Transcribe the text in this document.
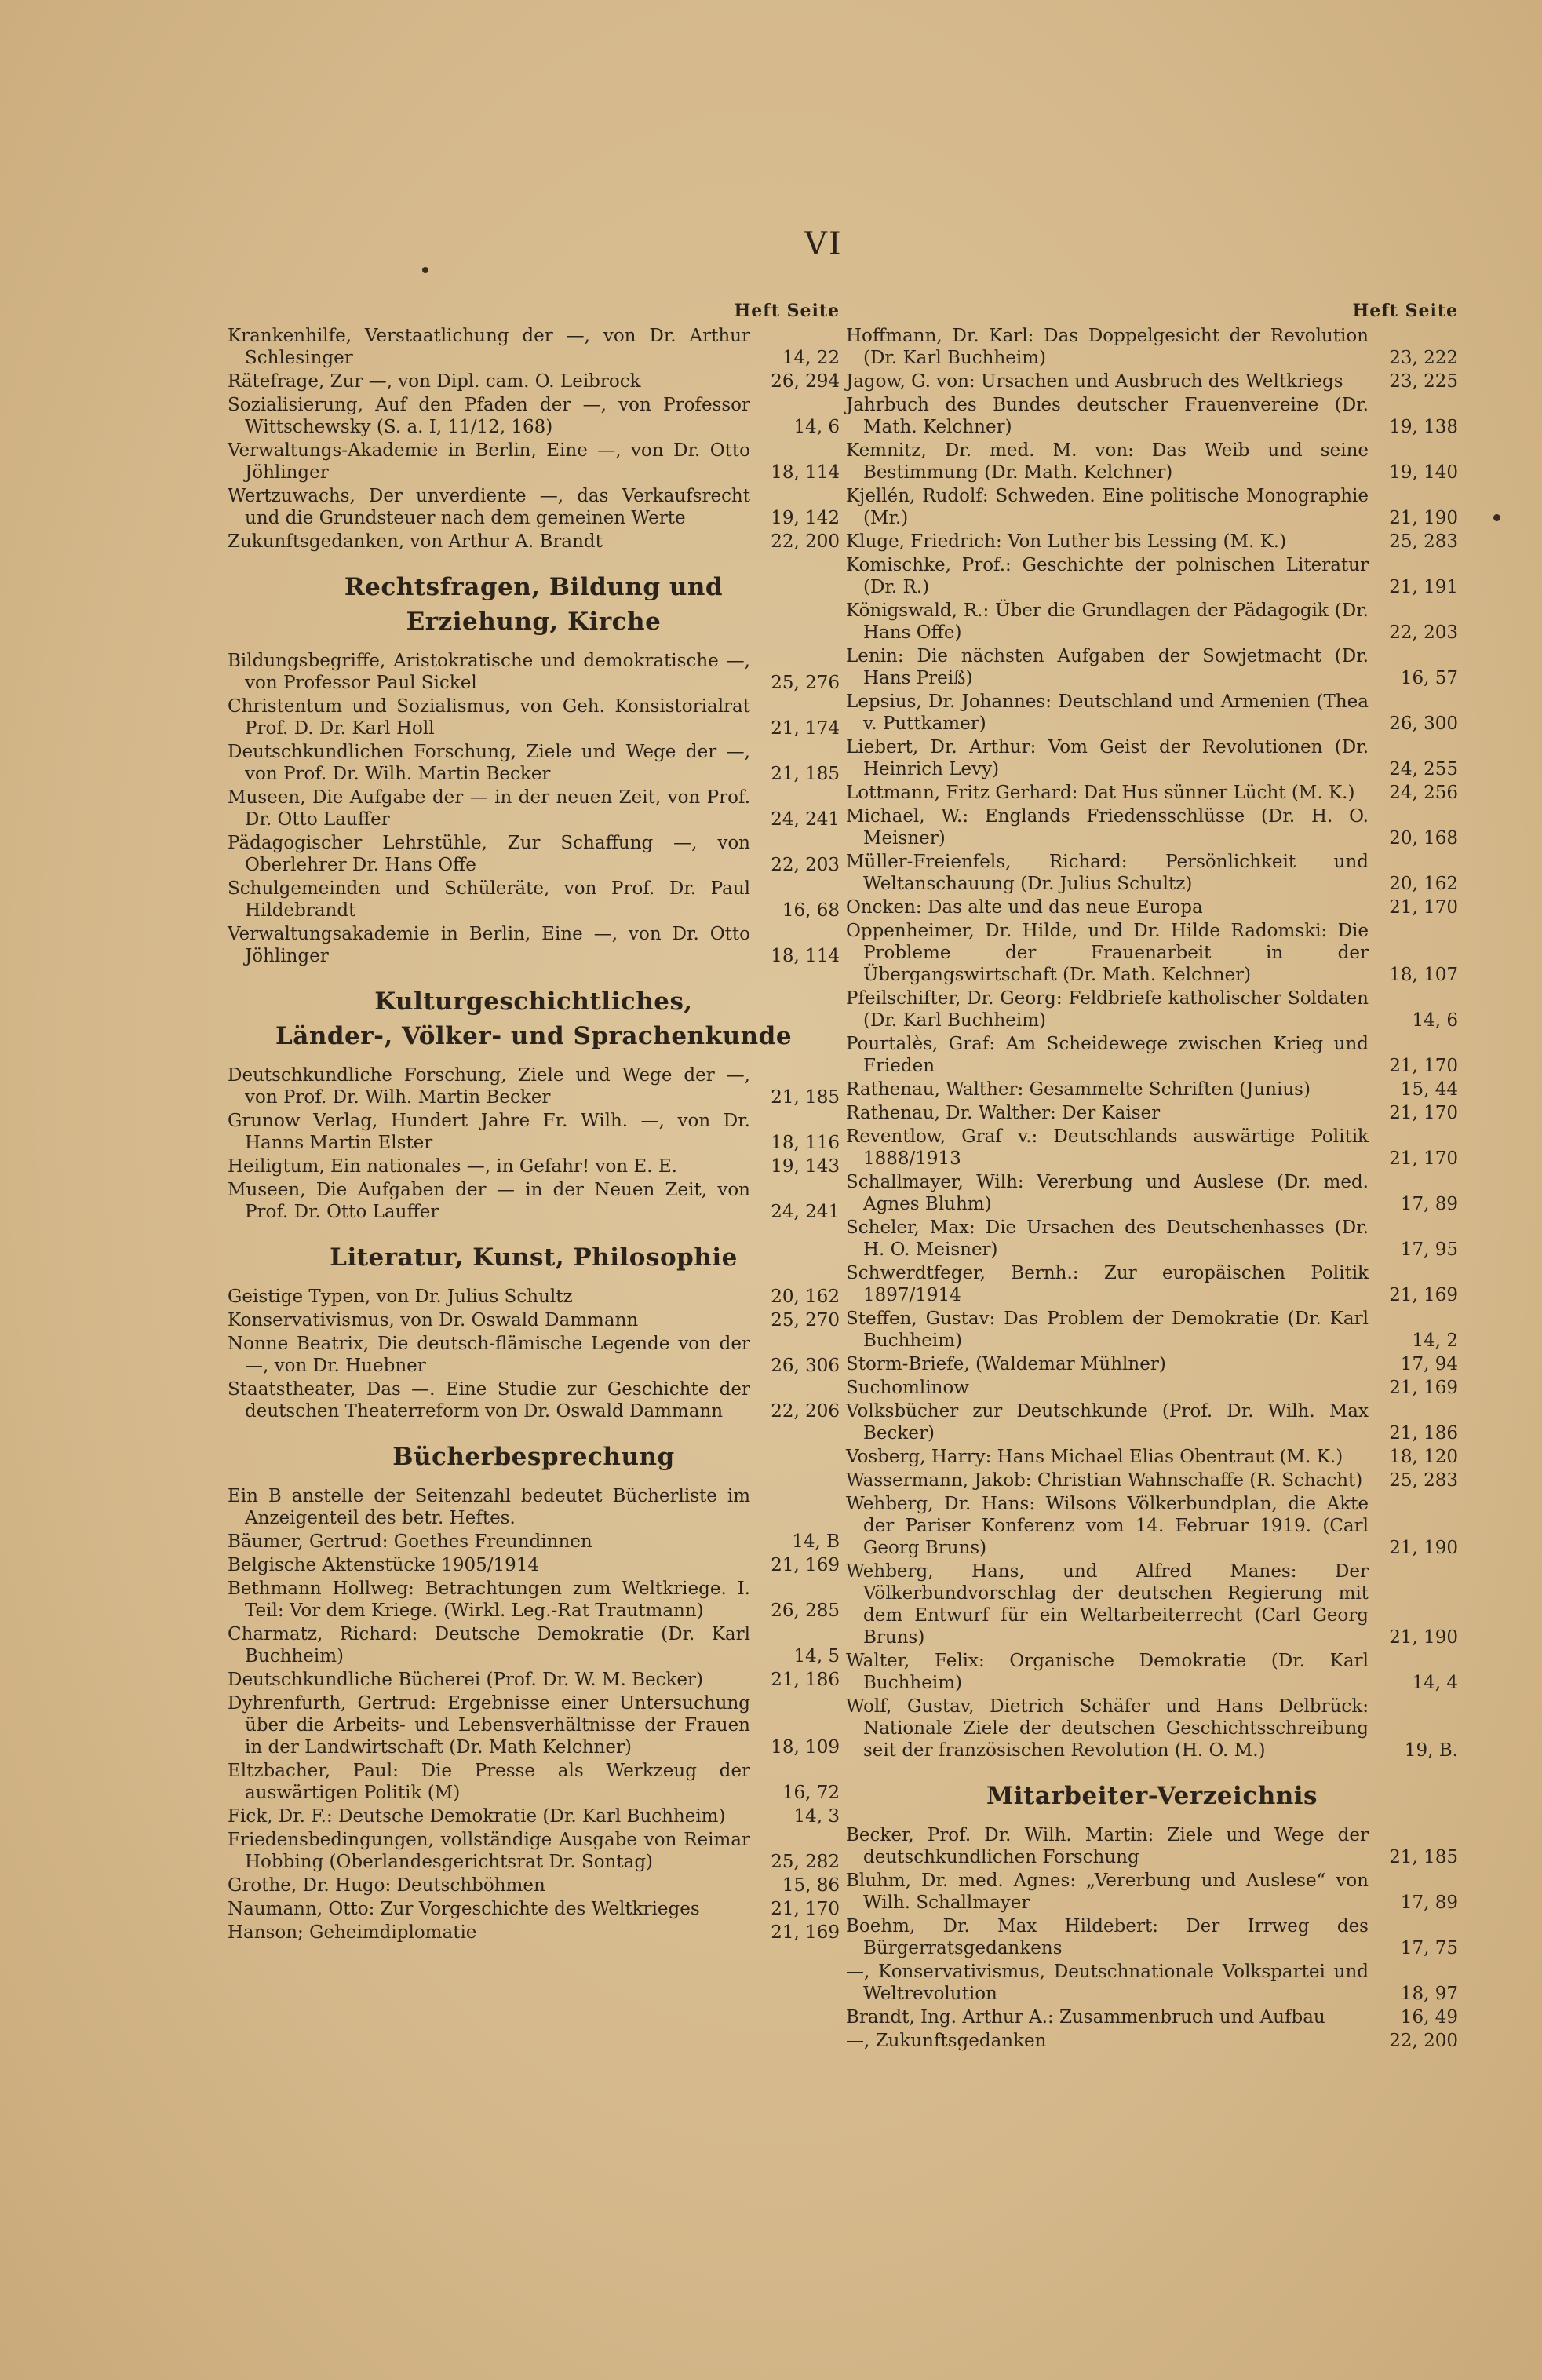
VI
Heft Seite
Krankenhilfe, Verstaatlichung der —, von Dr. Arthur Schlesinger	14, 22
Rätefrage, Zur —, von Dipl. cam. O. Leibrock	26, 294
Sozialisierung, Auf den Pfaden der —, von Professor Wittschewsky (S. a. I, 11/12, 168)	14, 6
Verwaltungs-Akademie in Berlin, Eine —, von Dr. Otto Jöhlinger	18, 114
Wertzuwachs, Der unverdiente —, das Verkaufsrecht und die Grundsteuer nach dem gemeinen Werte	19, 142
Zukunftsgedanken, von Arthur A. Brandt	22, 200
Rechtsfragen, Bildung und
Erziehung, Kirche
Bildungsbegriffe, Aristokratische und demokratische —, von Professor Paul Sickel	25, 276
Christentum und Sozialismus, von Geh. Konsistorialrat Prof. D. Dr. Karl Holl	21, 174
Deutschkundlichen Forschung, Ziele und Wege der —, von Prof. Dr. Wilh. Martin Becker	21, 185
Museen, Die Aufgabe der — in der neuen Zeit, von Prof. Dr. Otto Lauffer	24, 241
Pädagogischer Lehrstühle, Zur Schaffung —, von Oberlehrer Dr. Hans Offe	22, 203
Schulgemeinden und Schüleräte, von Prof. Dr. Paul Hildebrandt	16, 68
Verwaltungsakademie in Berlin, Eine —, von Dr. Otto Jöhlinger	18, 114
Kulturgeschichtliches,
Länder-, Völker- und Sprachenkunde
Deutschkundliche Forschung, Ziele und Wege der —, von Prof. Dr. Wilh. Martin Becker	21, 185
Grunow Verlag, Hundert Jahre Fr. Wilh. —, von Dr. Hanns Martin Elster	18, 116
Heiligtum, Ein nationales —, in Gefahr! von E. E.	19, 143
Museen, Die Aufgaben der — in der Neuen Zeit, von Prof. Dr. Otto Lauffer	24, 241
Literatur, Kunst, Philosophie
Geistige Typen, von Dr. Julius Schultz	20, 162
Konservativismus, von Dr. Oswald Dammann	25, 270
Nonne Beatrix, Die deutsch-flämische Legende von der —, von Dr. Huebner	26, 306
Staatstheater, Das —. Eine Studie zur Geschichte der deutschen Theaterreform von Dr. Oswald Dammann	22, 206
Bücherbesprechung
Ein B anstelle der Seitenzahl bedeutet Bücherliste im Anzeigenteil des betr. Heftes.
Bäumer, Gertrud: Goethes Freundinnen	14, B
Belgische Aktenstücke 1905/1914	21, 169
Bethmann Hollweg: Betrachtungen zum Weltkriege. I. Teil: Vor dem Kriege. (Wirkl. Leg.-Rat Trautmann)	26, 285
Charmatz, Richard: Deutsche Demokratie (Dr. Karl Buchheim)	14, 5
Deutschkundliche Bücherei (Prof. Dr. W. M. Becker)	21, 186
Dyhrenfurth, Gertrud: Ergebnisse einer Untersuchung über die Arbeits- und Lebensverhältnisse der Frauen in der Landwirtschaft (Dr. Math Kelchner)	18, 109
Eltzbacher, Paul: Die Presse als Werkzeug der auswärtigen Politik (M)	16, 72
Fick, Dr. F.: Deutsche Demokratie (Dr. Karl Buchheim)	14, 3
Friedensbedingungen, vollständige Ausgabe von Reimar Hobbing (Oberlandesgerichtsrat Dr. Sontag)	25, 282
Grothe, Dr. Hugo: Deutschböhmen	15, 86
Naumann, Otto: Zur Vorgeschichte des Weltkrieges	21, 170
Hanson; Geheimdiplomatie	21, 169
Heft Seite
Hoffmann, Dr. Karl: Das Doppelgesicht der Revolution (Dr. Karl Buchheim)	23, 222
Jagow, G. von: Ursachen und Ausbruch des Weltkriegs	23, 225
Jahrbuch des Bundes deutscher Frauenvereine (Dr. Math. Kelchner)	19, 138
Kemnitz, Dr. med. M. von: Das Weib und seine Bestimmung (Dr. Math. Kelchner)	19, 140
Kjellén, Rudolf: Schweden. Eine politische Monographie (Mr.)	21, 190
Kluge, Friedrich: Von Luther bis Lessing (M. K.)	25, 283
Komischke, Prof.: Geschichte der polnischen Literatur (Dr. R.)	21, 191
Königswald, R.: Über die Grundlagen der Pädagogik (Dr. Hans Offe)	22, 203
Lenin: Die nächsten Aufgaben der Sowjetmacht (Dr. Hans Preiß)	16, 57
Lepsius, Dr. Johannes: Deutschland und Armenien (Thea v. Puttkamer)	26, 300
Liebert, Dr. Arthur: Vom Geist der Revolutionen (Dr. Heinrich Levy)	24, 255
Lottmann, Fritz Gerhard: Dat Hus sünner Lücht (M. K.)	24, 256
Michael, W.: Englands Friedensschlüsse (Dr. H. O. Meisner)	20, 168
Müller-Freienfels, Richard: Persönlichkeit und Weltanschauung (Dr. Julius Schultz)	20, 162
Oncken: Das alte und das neue Europa	21, 170
Oppenheimer, Dr. Hilde, und Dr. Hilde Radomski: Die Probleme der Frauenarbeit in der Übergangswirtschaft (Dr. Math. Kelchner)	18, 107
Pfeilschifter, Dr. Georg: Feldbriefe katholischer Soldaten (Dr. Karl Buchheim)	14, 6
Pourtalès, Graf: Am Scheidewege zwischen Krieg und Frieden	21, 170
Rathenau, Walther: Gesammelte Schriften (Junius)	15, 44
Rathenau, Dr. Walther: Der Kaiser	21, 170
Reventlow, Graf v.: Deutschlands auswärtige Politik 1888/1913	21, 170
Schallmayer, Wilh: Vererbung und Auslese (Dr. med. Agnes Bluhm)	17, 89
Scheler, Max: Die Ursachen des Deutschenhasses (Dr. H. O. Meisner)	17, 95
Schwerdtfeger, Bernh.: Zur europäischen Politik 1897/1914	21, 169
Steffen, Gustav: Das Problem der Demokratie (Dr. Karl Buchheim)	14, 2
Storm-Briefe, (Waldemar Mühlner)	17, 94
Suchomlinow	21, 169
Volksbücher zur Deutschkunde (Prof. Dr. Wilh. Max Becker)	21, 186
Vosberg, Harry: Hans Michael Elias Obentraut (M. K.)	18, 120
Wassermann, Jakob: Christian Wahnschaffe (R. Schacht)	25, 283
Wehberg, Dr. Hans: Wilsons Völkerbundplan, die Akte der Pariser Konferenz vom 14. Februar 1919. (Carl Georg Bruns)	21, 190
Wehberg, Hans, und Alfred Manes: Der Völkerbundvorschlag der deutschen Regierung mit dem Entwurf für ein Weltarbeiterrecht (Carl Georg Bruns)	21, 190
Walter, Felix: Organische Demokratie (Dr. Karl Buchheim)	14, 4
Wolf, Gustav, Dietrich Schäfer und Hans Delbrück: Nationale Ziele der deutschen Geschichtsschreibung seit der französischen Revolution (H. O. M.)	19, B.
Mitarbeiter-Verzeichnis
Becker, Prof. Dr. Wilh. Martin: Ziele und Wege der deutschkundlichen Forschung	21, 185
Bluhm, Dr. med. Agnes: „Vererbung und Auslese“ von Wilh. Schallmayer	17, 89
Boehm, Dr. Max Hildebert: Der Irrweg des Bürgerratsgedankens	17, 75
—, Konservativismus, Deutschnationale Volkspartei und Weltrevolution	18, 97
Brandt, Ing. Arthur A.: Zusammenbruch und Aufbau	16, 49
—, Zukunftsgedanken	22, 200
